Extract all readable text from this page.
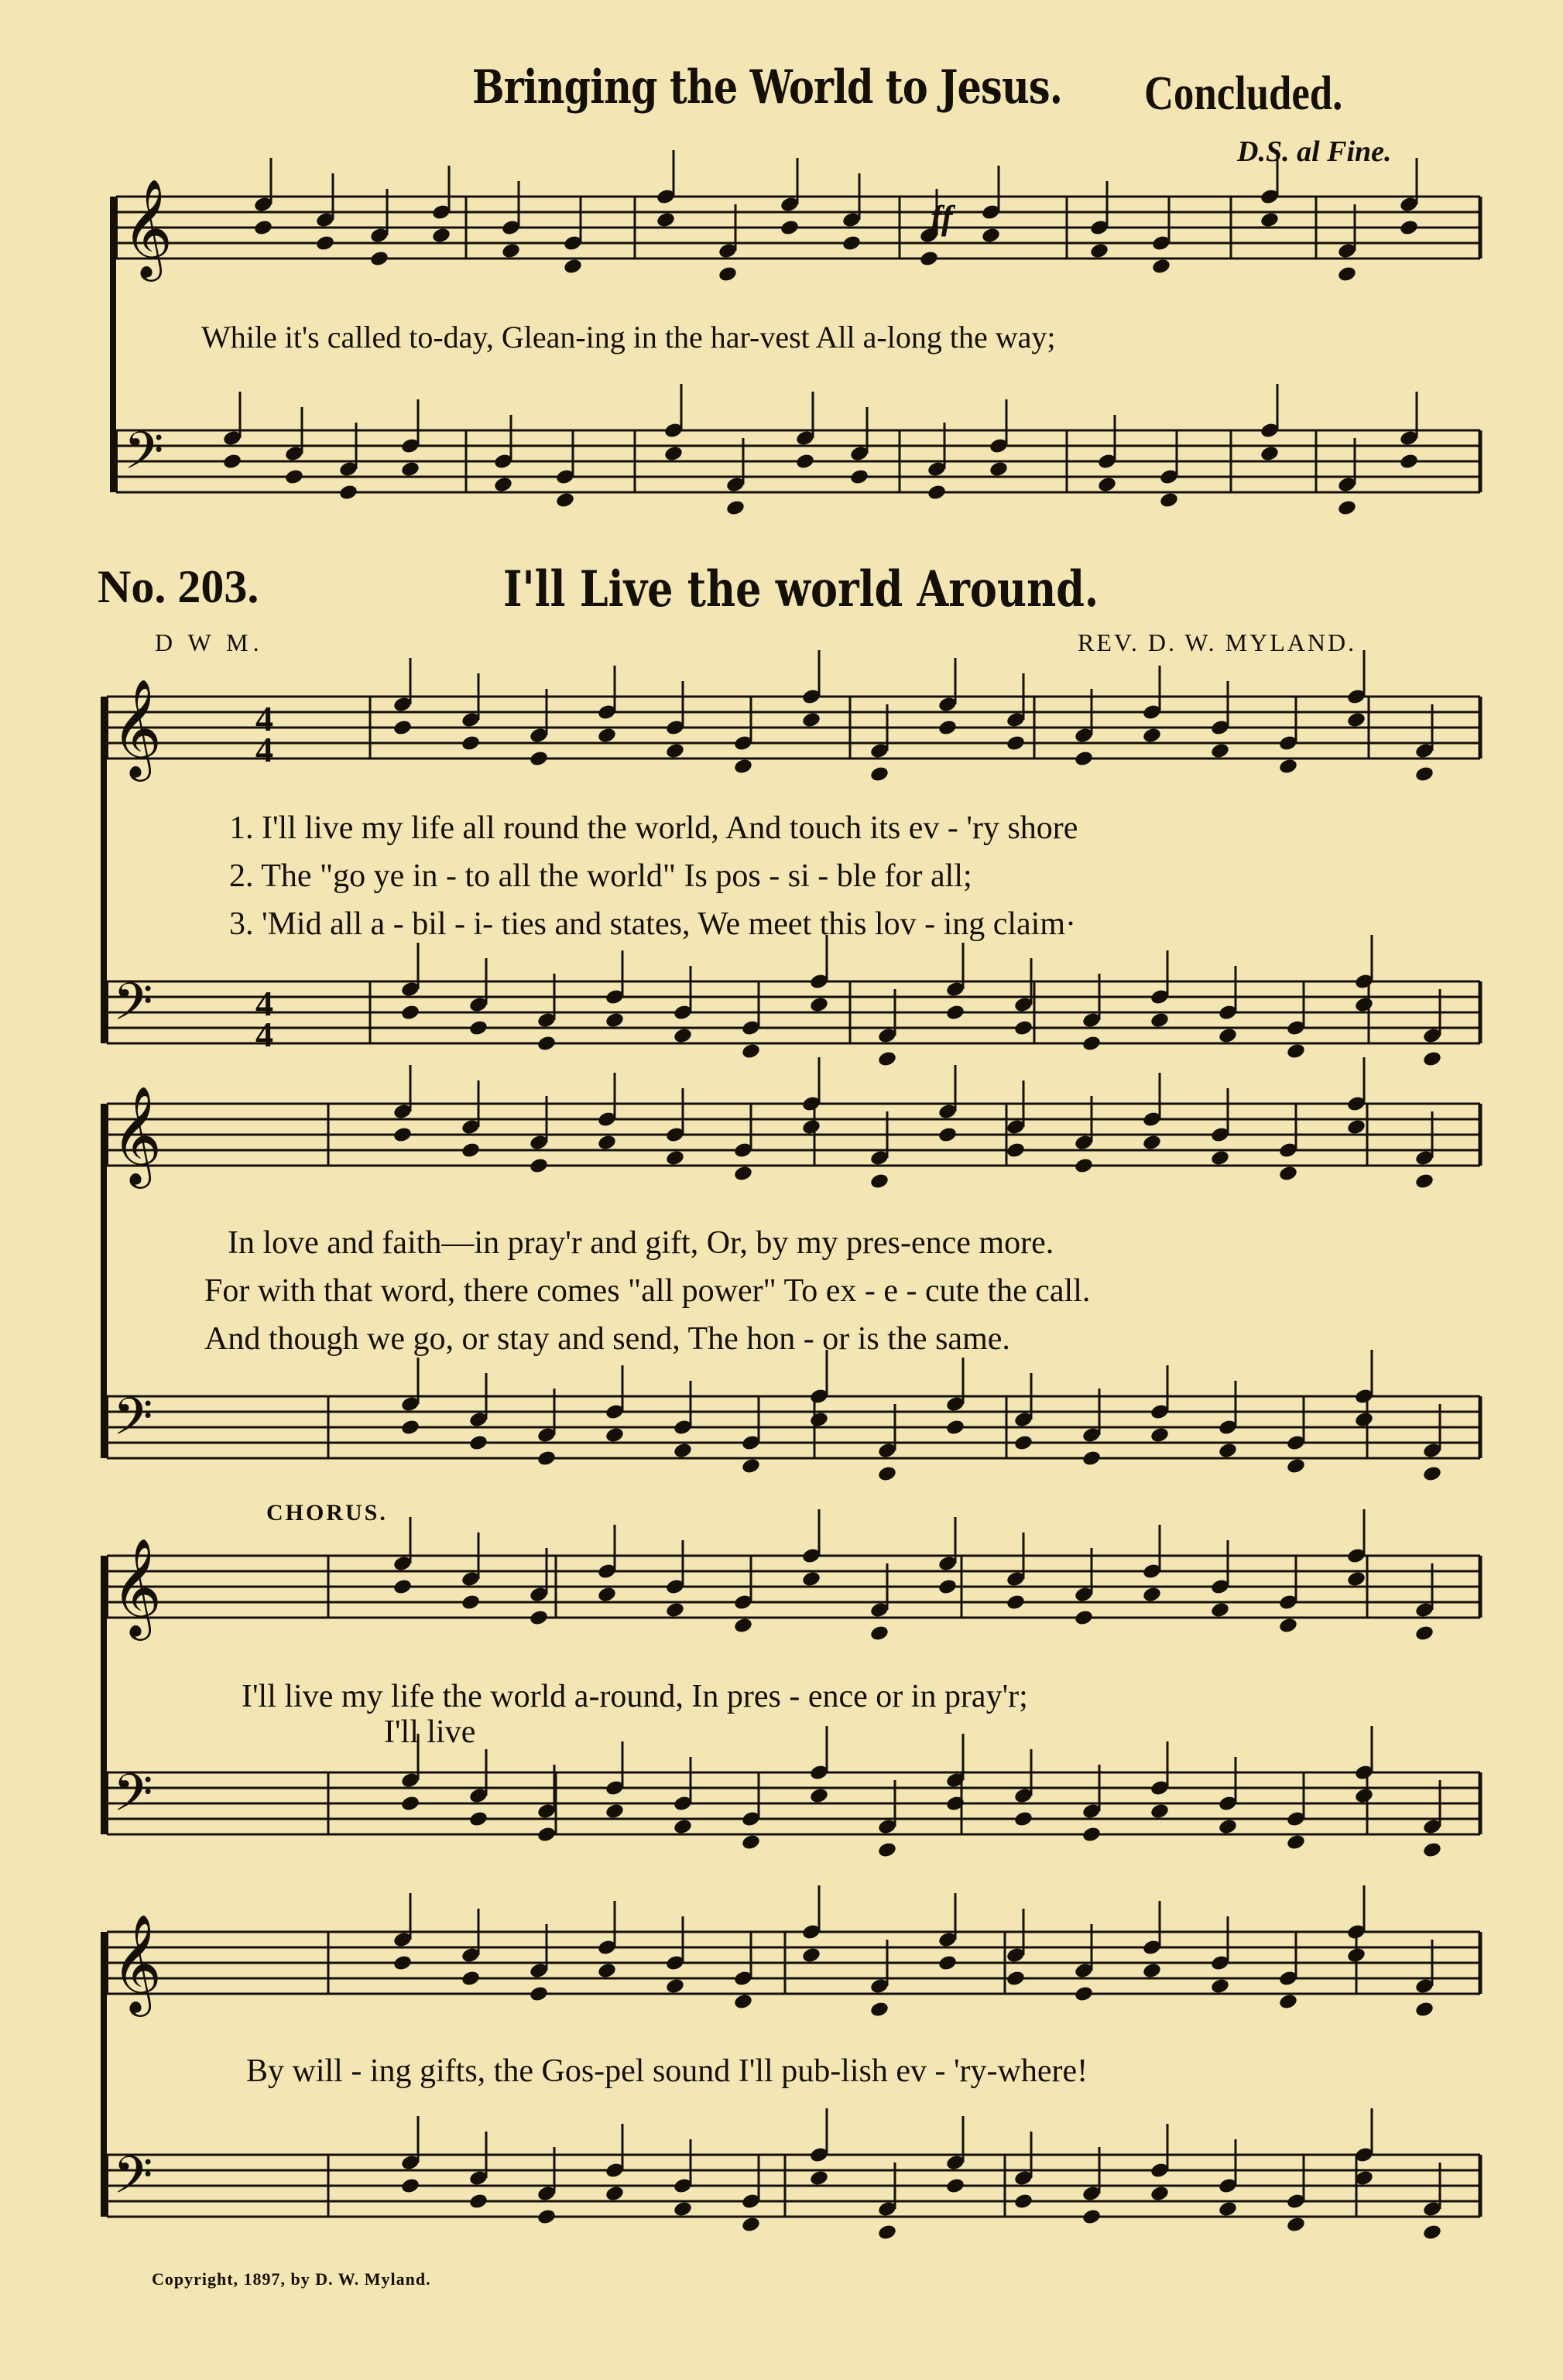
𝄞
𝄢
𝄞
𝄢
4
4
4
4
𝄞
𝄢
𝄞
𝄢
𝄞
𝄢
Bringing the World to Jesus. Concluded.
D.S. al Fine.
ff
While it's called to-day, Glean-ing in the har-vest All a-long the way;
No. 203.	I'll Live the world Around.
D W M.	REV. D. W. MYLAND.
1. I'll live my life all round the world, And touch its ev - 'ry shore
2. The "go ye in - to all the world" Is pos - si - ble for all;
3. 'Mid all a - bil - i- ties and states, We meet this lov - ing claim·
In love and faith—in pray'r and gift, Or, by my pres-ence more.
For with that word, there comes "all power" To ex - e - cute the call.
And though we go, or stay and send, The hon - or is the same.
CHORUS.
I'll live my life the world a-round, In pres - ence or in pray'r;
I'll live
By will - ing gifts, the Gos-pel sound I'll pub-lish ev - 'ry-where!
Copyright, 1897, by D. W. Myland.
